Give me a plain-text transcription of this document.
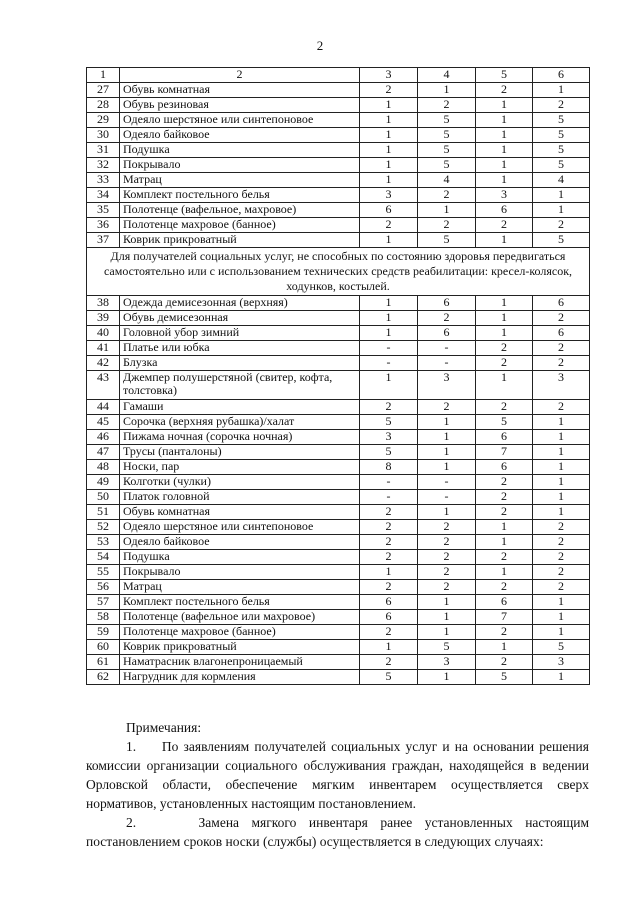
2
1	2	3	4	5	6
27	Обувь комнатная	2	1	2	1
28	Обувь резиновая	1	2	1	2
29	Одеяло шерстяное или синтепоновое	1	5	1	5
30	Одеяло байковое	1	5	1	5
31	Подушка	1	5	1	5
32	Покрывало	1	5	1	5
33	Матрац	1	4	1	4
34	Комплект постельного белья	3	2	3	1
35	Полотенце (вафельное, махровое)	6	1	6	1
36	Полотенце махровое (банное)	2	2	2	2
37	Коврик прикроватный	1	5	1	5
Для получателей социальных услуг, не способных по состоянию здоровья передвигаться самостоятельно или с использованием технических средств реабилитации: кресел-колясок, ходунков, костылей.					
38	Одежда демисезонная (верхняя)	1	6	1	6
39	Обувь демисезонная	1	2	1	2
40	Головной убор зимний	1	6	1	6
41	Платье или юбка	-	-	2	2
42	Блузка	-	-	2	2
43	Джемпер полушерстяной (свитер, кофта, толстовка)	1	3	1	3
44	Гамаши	2	2	2	2
45	Сорочка (верхняя рубашка)/халат	5	1	5	1
46	Пижама ночная (сорочка ночная)	3	1	6	1
47	Трусы (панталоны)	5	1	7	1
48	Носки, пар	8	1	6	1
49	Колготки (чулки)	-	-	2	1
50	Платок головной	-	-	2	1
51	Обувь комнатная	2	1	2	1
52	Одеяло шерстяное или синтепоновое	2	2	1	2
53	Одеяло байковое	2	2	1	2
54	Подушка	2	2	2	2
55	Покрывало	1	2	1	2
56	Матрац	2	2	2	2
57	Комплект постельного белья	6	1	6	1
58	Полотенце (вафельное или махровое)	6	1	7	1
59	Полотенце махровое (банное)	2	1	2	1
60	Коврик прикроватный	1	5	1	5
61	Наматрасник влагонепроницаемый	2	3	2	3
62	Нагрудник для кормления	5	1	5	1

Примечания:

1.     По заявлениям получателей социальных услуг и на основании решения комиссии организации социального обслуживания граждан, находящейся в ведении Орловской области, обеспечение мягким инвентарем осуществляется сверх нормативов, установленных настоящим постановлением.

2.     Замена мягкого инвентаря ранее установленных настоящим постановлением сроков носки (службы) осуществляется в следующих случаях:
